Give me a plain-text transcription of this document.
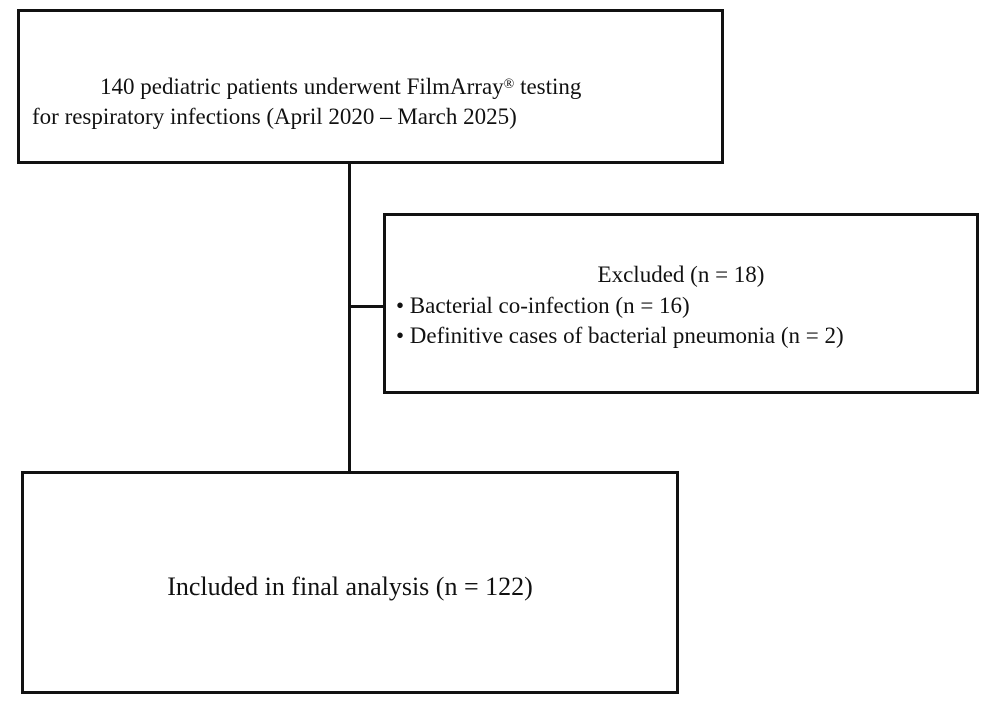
140 pediatric patients underwent FilmArray® testing
for respiratory infections (April 2020 – March 2025)
Excluded (n = 18)
• Bacterial co-infection (n = 16)
• Definitive cases of bacterial pneumonia (n = 2)
Included in final analysis (n = 122)
